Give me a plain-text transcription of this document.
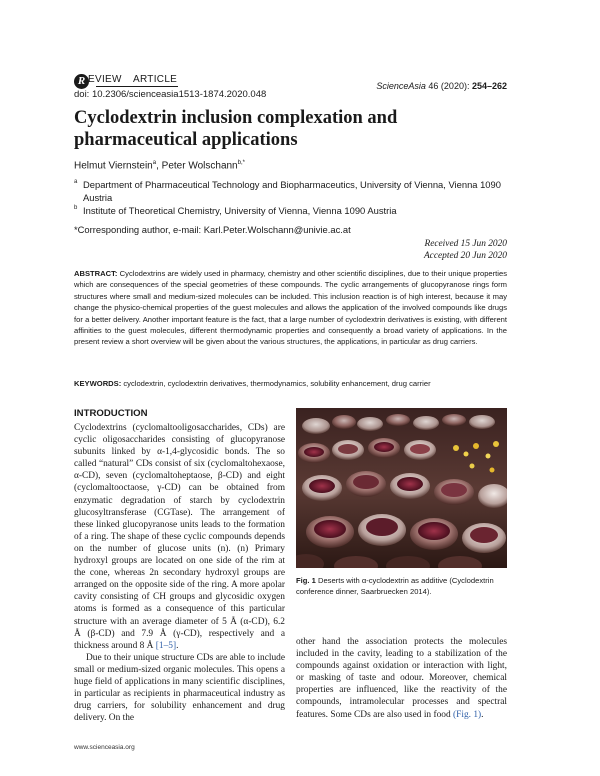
R EVIEW ARTICLE
doi: 10.2306/scienceasia1513-1874.2020.048
ScienceAsia 46 (2020): 254–262
Cyclodextrin inclusion complexation and pharmaceutical applications
Helmut Viernstein$^a$, Peter Wolschann$^{b,*}$
a Department of Pharmaceutical Technology and Biopharmaceutics, University of Vienna, Vienna 1090 Austria
b Institute of Theoretical Chemistry, University of Vienna, Vienna 1090 Austria
*Corresponding author, e-mail: Karl.Peter.Wolschann@univie.ac.at
Received 15 Jun 2020
Accepted 20 Jun 2020
ABSTRACT: Cyclodextrins are widely used in pharmacy, chemistry and other scientific disciplines, due to their unique properties which are consequences of the special geometries of these compounds. The cyclic arrangements of glucopyranose rings form structures where small and medium-sized molecules can be included. This inclusion reaction is of high interest, because it may change the physico-chemical properties of the guest molecules and allows the application of the involved compounds like drugs for a better delivery. Another important feature is the fact, that a large number of cyclodextrin derivatives is existing, with different affinities to the guest molecules, different thermodynamic properties and consequently a broad variety of applications. In the present review a short overview will be given about the various structures, the applications, in particular as drug carriers.
KEYWORDS: cyclodextrin, cyclodextrin derivatives, thermodynamics, solubility enhancement, drug carrier
INTRODUCTION

Cyclodextrins (cyclomaltooligosaccharides, CDs) are cyclic oligosaccharides consisting of glucopyranose subunits linked by α-1,4-glycosidic bonds. The so called “natural” CDs consist of six (cyclomaltohexaose, α-CD), seven (cyclomaltoheptaose, β-CD) and eight (cyclomaltooctaose, γ-CD) can be obtained from enzymatic degradation of starch by cyclodextrin glucosyltransferase (CGTase). The arrangement of these linked glucopyranose units leads to the formation of a ring. The shape of these cyclic compounds depends on the number of glucose units (n). (n) Primary hydroxyl groups are located on one side of the rim at the cone, whereas 2n secondary hydroxyl groups are arranged on the opposite side of the ring. A more apolar cavity consisting of CH groups and glycosidic oxygen atoms is formed as a consequence of this particular structure with an average diameter of 5 Å (α-CD), 6.2 Å (β-CD) and 7.9 Å (γ-CD), respectively and a thickness around 8 Å [1–5].

Due to their unique structure CDs are able to include small or medium-sized organic molecules. This opens a huge field of applications in many scientific disciplines, in particular as recipients in pharmaceutical industry as drug carriers, for solubility enhancement and drug delivery. On the

Fig. 1 Deserts with α-cyclodextrin as additive (Cyclodextrin conference dinner, Saarbruecken 2014).

other hand the association protects the molecules included in the cavity, leading to a stabilization of the compounds against oxidation or interaction with light, or masking of taste and odour. Moreover, chemical properties are influenced, like the reactivity of the compounds, intramolecular processes and spectral features. Some CDs are also used in food (Fig. 1).

www.scienceasia.org
